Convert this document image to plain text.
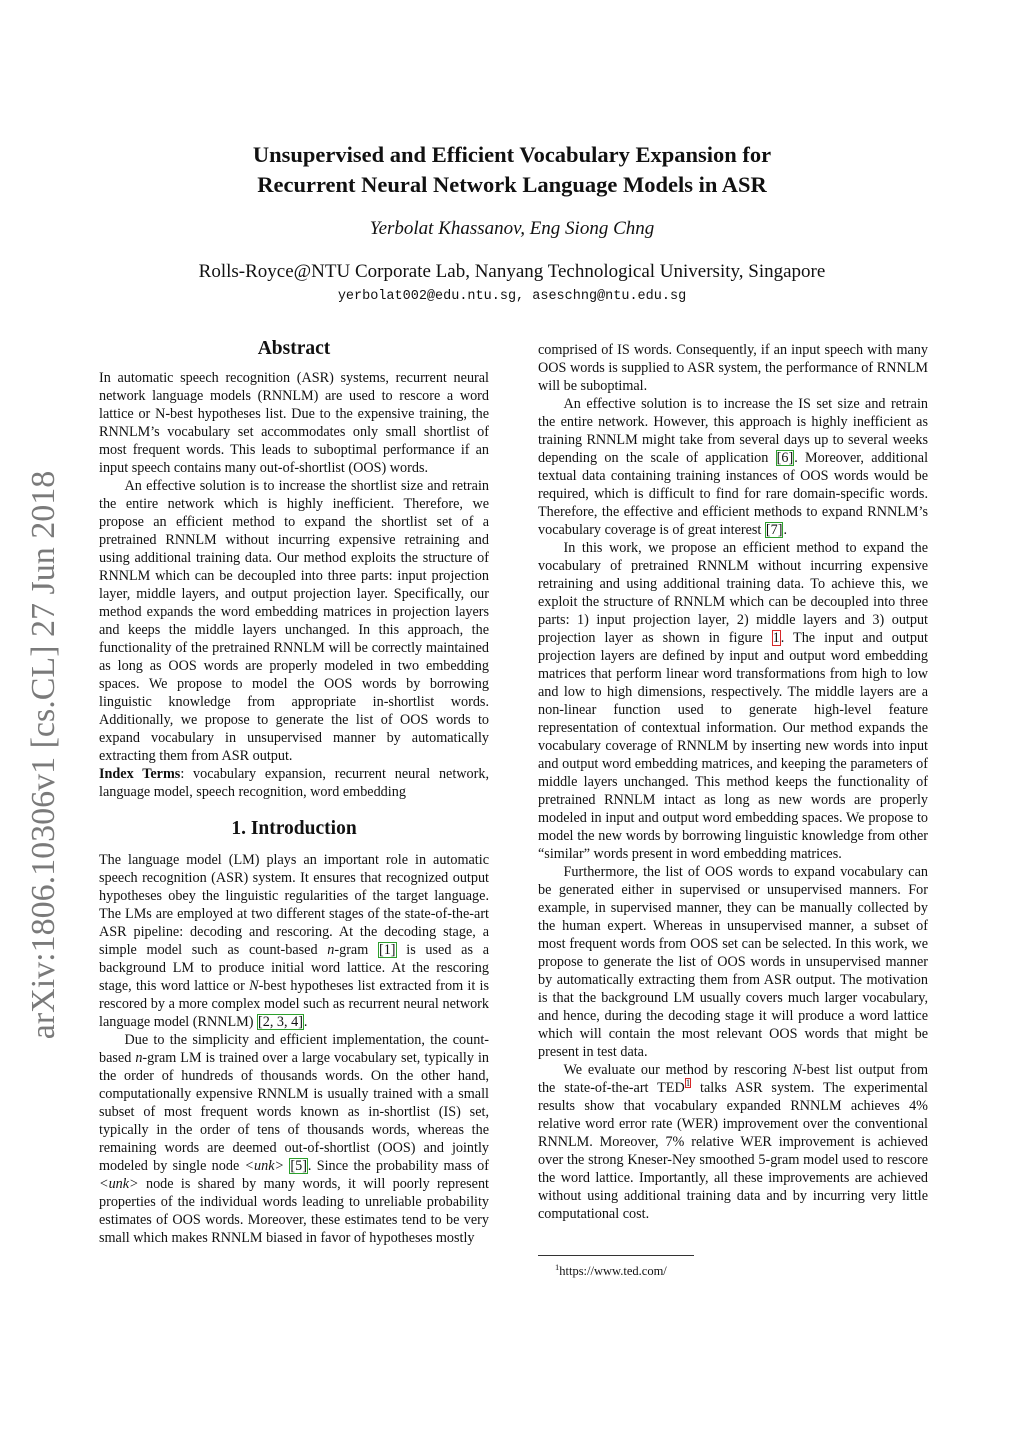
arXiv:1806.10306v1 [cs.CL] 27 Jun 2018
Unsupervised and Efficient Vocabulary Expansion for
Recurrent Neural Network Language Models in ASR
Yerbolat Khassanov, Eng Siong Chng
Rolls-Royce@NTU Corporate Lab, Nanyang Technological University, Singapore
yerbolat002@edu.ntu.sg, aseschng@ntu.edu.sg
Abstract

In automatic speech recognition (ASR) systems, recurrent neural network language models (RNNLM) are used to rescore a word lattice or N-best hypotheses list. Due to the expensive training, the RNNLM’s vocabulary set accommodates only small shortlist of most frequent words. This leads to suboptimal performance if an input speech contains many out-of-shortlist (OOS) words.

An effective solution is to increase the shortlist size and retrain the entire network which is highly inefficient. Therefore, we propose an efficient method to expand the shortlist set of a pretrained RNNLM without incurring expensive retraining and using additional training data. Our method exploits the structure of RNNLM which can be decoupled into three parts: input projection layer, middle layers, and output projection layer. Specifically, our method expands the word embedding matrices in projection layers and keeps the middle layers unchanged. In this approach, the functionality of the pretrained RNNLM will be correctly maintained as long as OOS words are properly modeled in two embedding spaces. We propose to model the OOS words by borrowing linguistic knowledge from appropriate in-shortlist words. Additionally, we propose to generate the list of OOS words to expand vocabulary in unsupervised manner by automatically extracting them from ASR output.

Index Terms: vocabulary expansion, recurrent neural network, language model, speech recognition, word embedding

1. Introduction

The language model (LM) plays an important role in automatic speech recognition (ASR) system. It ensures that recognized output hypotheses obey the linguistic regularities of the target language. The LMs are employed at two different stages of the state-of-the-art ASR pipeline: decoding and rescoring. At the decoding stage, a simple model such as count-based n-gram [1] is used as a background LM to produce initial word lattice. At the rescoring stage, this word lattice or N-best hypotheses list extracted from it is rescored by a more complex model such as recurrent neural network language model (RNNLM) [2, 3, 4].

Due to the simplicity and efficient implementation, the count-based n-gram LM is trained over a large vocabulary set, typically in the order of hundreds of thousands words. On the other hand, computationally expensive RNNLM is usually trained with a small subset of most frequent words known as in-shortlist (IS) set, typically in the order of tens of thousands words, whereas the remaining words are deemed out-of-shortlist (OOS) and jointly modeled by single node <unk> [5]. Since the probability mass of <unk> node is shared by many words, it will poorly represent properties of the individual words leading to unreliable probability estimates of OOS words. Moreover, these estimates tend to be very small which makes RNNLM biased in favor of hypotheses mostly

comprised of IS words. Consequently, if an input speech with many OOS words is supplied to ASR system, the performance of RNNLM will be suboptimal.

An effective solution is to increase the IS set size and retrain the entire network. However, this approach is highly inefficient as training RNNLM might take from several days up to several weeks depending on the scale of application [6]. Moreover, additional textual data containing training instances of OOS words would be required, which is difficult to find for rare domain-specific words. Therefore, the effective and efficient methods to expand RNNLM’s vocabulary coverage is of great interest [7].

In this work, we propose an efficient method to expand the vocabulary of pretrained RNNLM without incurring expensive retraining and using additional training data. To achieve this, we exploit the structure of RNNLM which can be decoupled into three parts: 1) input projection layer, 2) middle layers and 3) output projection layer as shown in figure 1. The input and output projection layers are defined by input and output word embedding matrices that perform linear word transformations from high to low and low to high dimensions, respectively. The middle layers are a non-linear function used to generate high-level feature representation of contextual information. Our method expands the vocabulary coverage of RNNLM by inserting new words into input and output word embedding matrices, and keeping the parameters of middle layers unchanged. This method keeps the functionality of pretrained RNNLM intact as long as new words are properly modeled in input and output word embedding spaces. We propose to model the new words by borrowing linguistic knowledge from other “similar” words present in word embedding matrices.

Furthermore, the list of OOS words to expand vocabulary can be generated either in supervised or unsupervised manners. For example, in supervised manner, they can be manually collected by the human expert. Whereas in unsupervised manner, a subset of most frequent words from OOS set can be selected. In this work, we propose to generate the list of OOS words in unsupervised manner by automatically extracting them from ASR output. The motivation is that the background LM usually covers much larger vocabulary, and hence, during the decoding stage it will produce a word lattice which will contain the most relevant OOS words that might be present in test data.

We evaluate our method by rescoring N-best list output from the state-of-the-art TED$^1$ talks ASR system. The experimental results show that vocabulary expanded RNNLM achieves 4% relative word error rate (WER) improvement over the conventional RNNLM. Moreover, 7% relative WER improvement is achieved over the strong Kneser-Ney smoothed 5-gram model used to rescore the word lattice. Importantly, all these improvements are achieved without using additional training data and by incurring very little computational cost.

$^1$https://www.ted.com/
